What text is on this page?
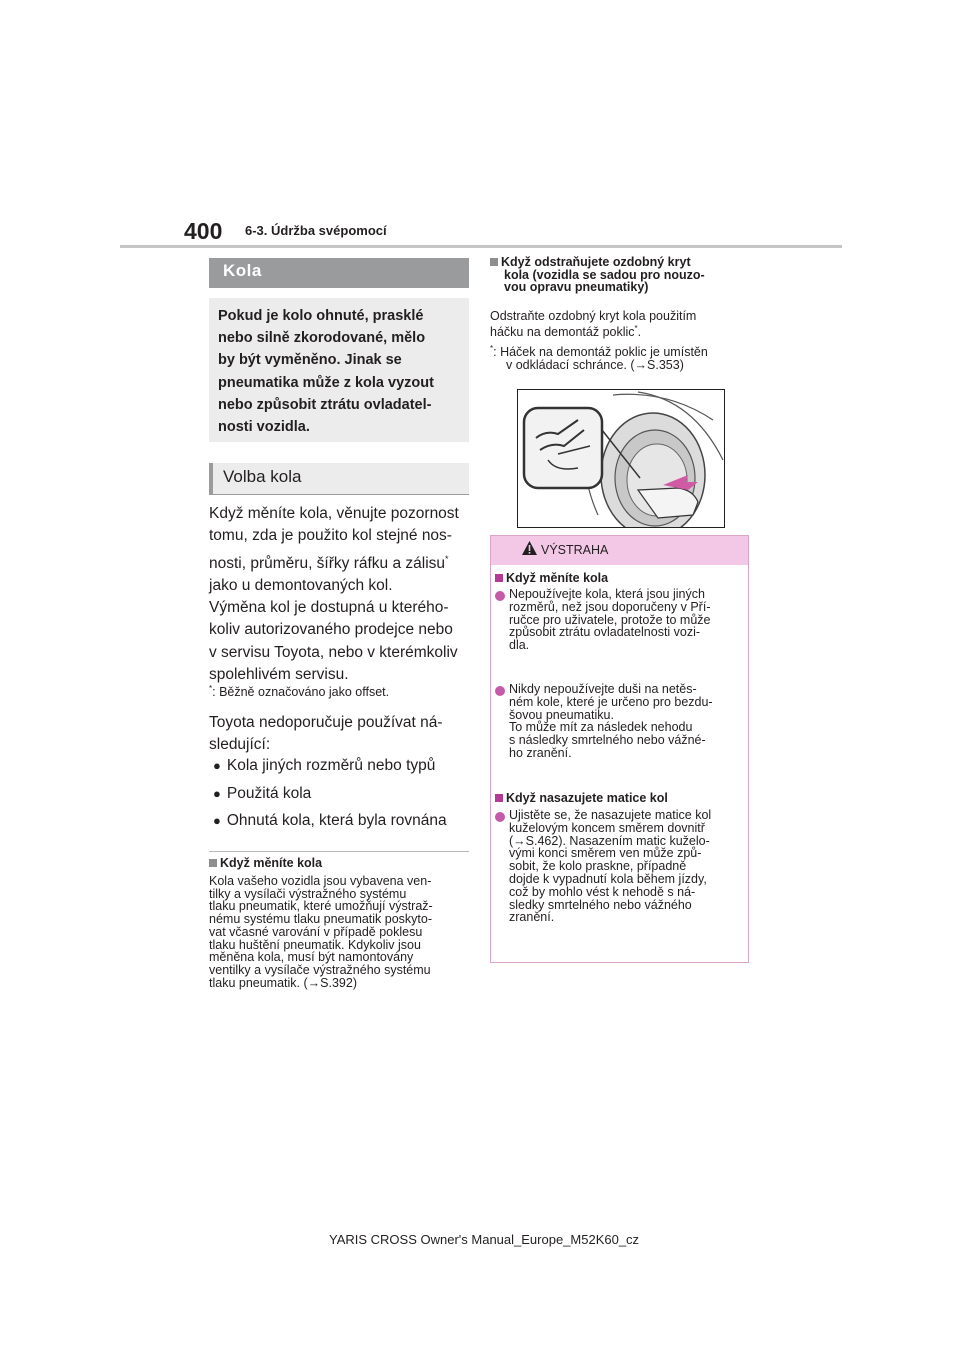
400 6-3. Údržba svépomocí
Kola
Pokud je kolo ohnuté, prasklé
nebo silně zkorodované, mělo
by být vyměněno. Jinak se
pneumatika může z kola vyzout
nebo způsobit ztrátu ovladatel-
nosti vozidla.
Volba kola
Když měníte kola, věnujte pozornost
tomu, zda je použito kol stejné nos-
nosti, průměru, šířky ráfku a zálisu*
jako u demontovaných kol.
Výměna kol je dostupná u kterého-
koliv autorizovaného prodejce nebo
v servisu Toyota, nebo v kterémkoliv
spolehlivém servisu.
*: Běžně označováno jako offset.
Toyota nedoporučuje používat ná-
sledující:
● Kola jiných rozměrů nebo typů
● Použitá kola
● Ohnutá kola, která byla rovnána
Když měníte kola
Kola vašeho vozidla jsou vybavena ven-
tilky a vysílači výstražného systému
tlaku pneumatik, které umožňují výstraž-
nému systému tlaku pneumatik poskyto-
vat včasné varování v případě poklesu
tlaku huštění pneumatik. Kdykoliv jsou
měněna kola, musí být namontovány
ventilky a vysílače výstražného systému
tlaku pneumatik. (→S.392)
Když odstraňujete ozdobný kryt
kola (vozidla se sadou pro nouzo-
vou opravu pneumatiky)
Odstraňte ozdobný kryt kola použitím
háčku na demontáž poklic*.
*: Háček na demontáž poklic je umístěn
v odkládací schránce. (→S.353)
VÝSTRAHA
Když měníte kola
Nepoužívejte kola, která jsou jiných
rozměrů, než jsou doporučeny v Pří-
ručce pro uživatele, protože to může
způsobit ztrátu ovladatelnosti vozi-
dla.
Nikdy nepoužívejte duši na netěs-
ném kole, které je určeno pro bezdu-
šovou pneumatiku.
To může mít za následek nehodu
s následky smrtelného nebo vážné-
ho zranění.
Když nasazujete matice kol
Ujistěte se, že nasazujete matice kol
kuželovým koncem směrem dovnitř
(→S.462). Nasazením matic kuželo-
vými konci směrem ven může způ-
sobit, že kolo praskne, případně
dojde k vypadnutí kola během jízdy,
což by mohlo vést k nehodě s ná-
sledky smrtelného nebo vážného
zranění.
YARIS CROSS Owner's Manual_Europe_M52K60_cz
